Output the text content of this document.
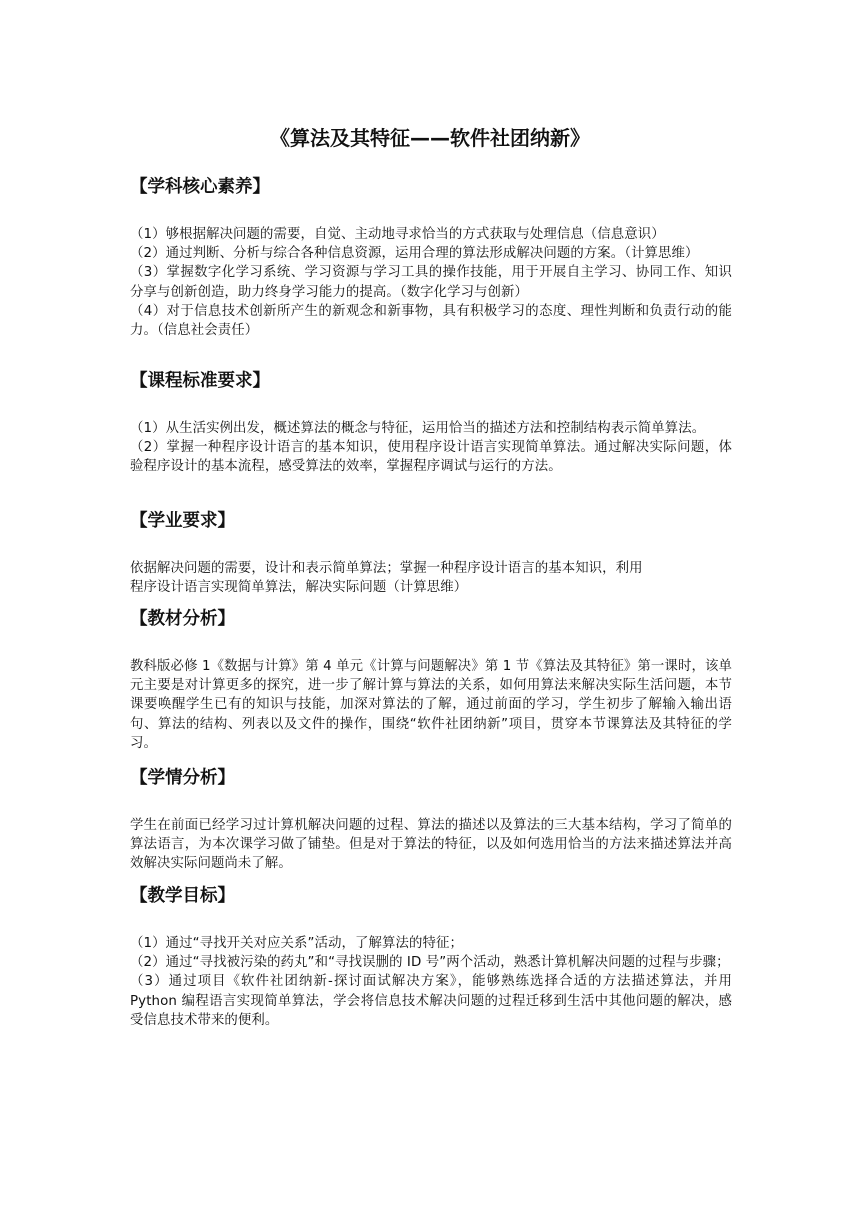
《算法及其特征——软件社团纳新》
【学科核心素养】

（1）够根据解决问题的需要，自觉、主动地寻求恰当的方式获取与处理信息（信息意识）

（2）通过判断、分析与综合各种信息资源，运用合理的算法形成解决问题的方案。（计算思维）

（3）掌握数字化学习系统、学习资源与学习工具的操作技能，用于开展自主学习、协同工作、知识分享与创新创造，助力终身学习能力的提高。（数字化学习与创新）

（4）对于信息技术创新所产生的新观念和新事物，具有积极学习的态度、理性判断和负责行动的能力。（信息社会责任）

【课程标准要求】

（1）从生活实例出发，概述算法的概念与特征，运用恰当的描述方法和控制结构表示简单算法。

（2）掌握一种程序设计语言的基本知识，使用程序设计语言实现简单算法。通过解决实际问题，体验程序设计的基本流程，感受算法的效率，掌握程序调试与运行的方法。

【学业要求】

依据解决问题的需要，设计和表示简单算法；掌握一种程序设计语言的基本知识，利用

程序设计语言实现简单算法，解决实际问题（计算思维）

【教材分析】

教科版必修 1《数据与计算》第 4 单元《计算与问题解决》第 1 节《算法及其特征》第一课时，该单元主要是对计算更多的探究，进一步了解计算与算法的关系，如何用算法来解决实际生活问题，本节课要唤醒学生已有的知识与技能，加深对算法的了解，通过前面的学习，学生初步了解输入输出语句、算法的结构、列表以及文件的操作，围绕“软件社团纳新”项目，贯穿本节课算法及其特征的学习。

【学情分析】

学生在前面已经学习过计算机解决问题的过程、算法的描述以及算法的三大基本结构，学习了简单的算法语言，为本次课学习做了铺垫。但是对于算法的特征，以及如何选用恰当的方法来描述算法并高效解决实际问题尚未了解。

【教学目标】

（1）通过“寻找开关对应关系”活动，了解算法的特征；

（2）通过“寻找被污染的药丸”和“寻找误删的 ID 号”两个活动，熟悉计算机解决问题的过程与步骤；

（3）通过项目《软件社团纳新-探讨面试解决方案》，能够熟练选择合适的方法描述算法，并用 Python 编程语言实现简单算法，学会将信息技术解决问题的过程迁移到生活中其他问题的解决，感受信息技术带来的便利。
